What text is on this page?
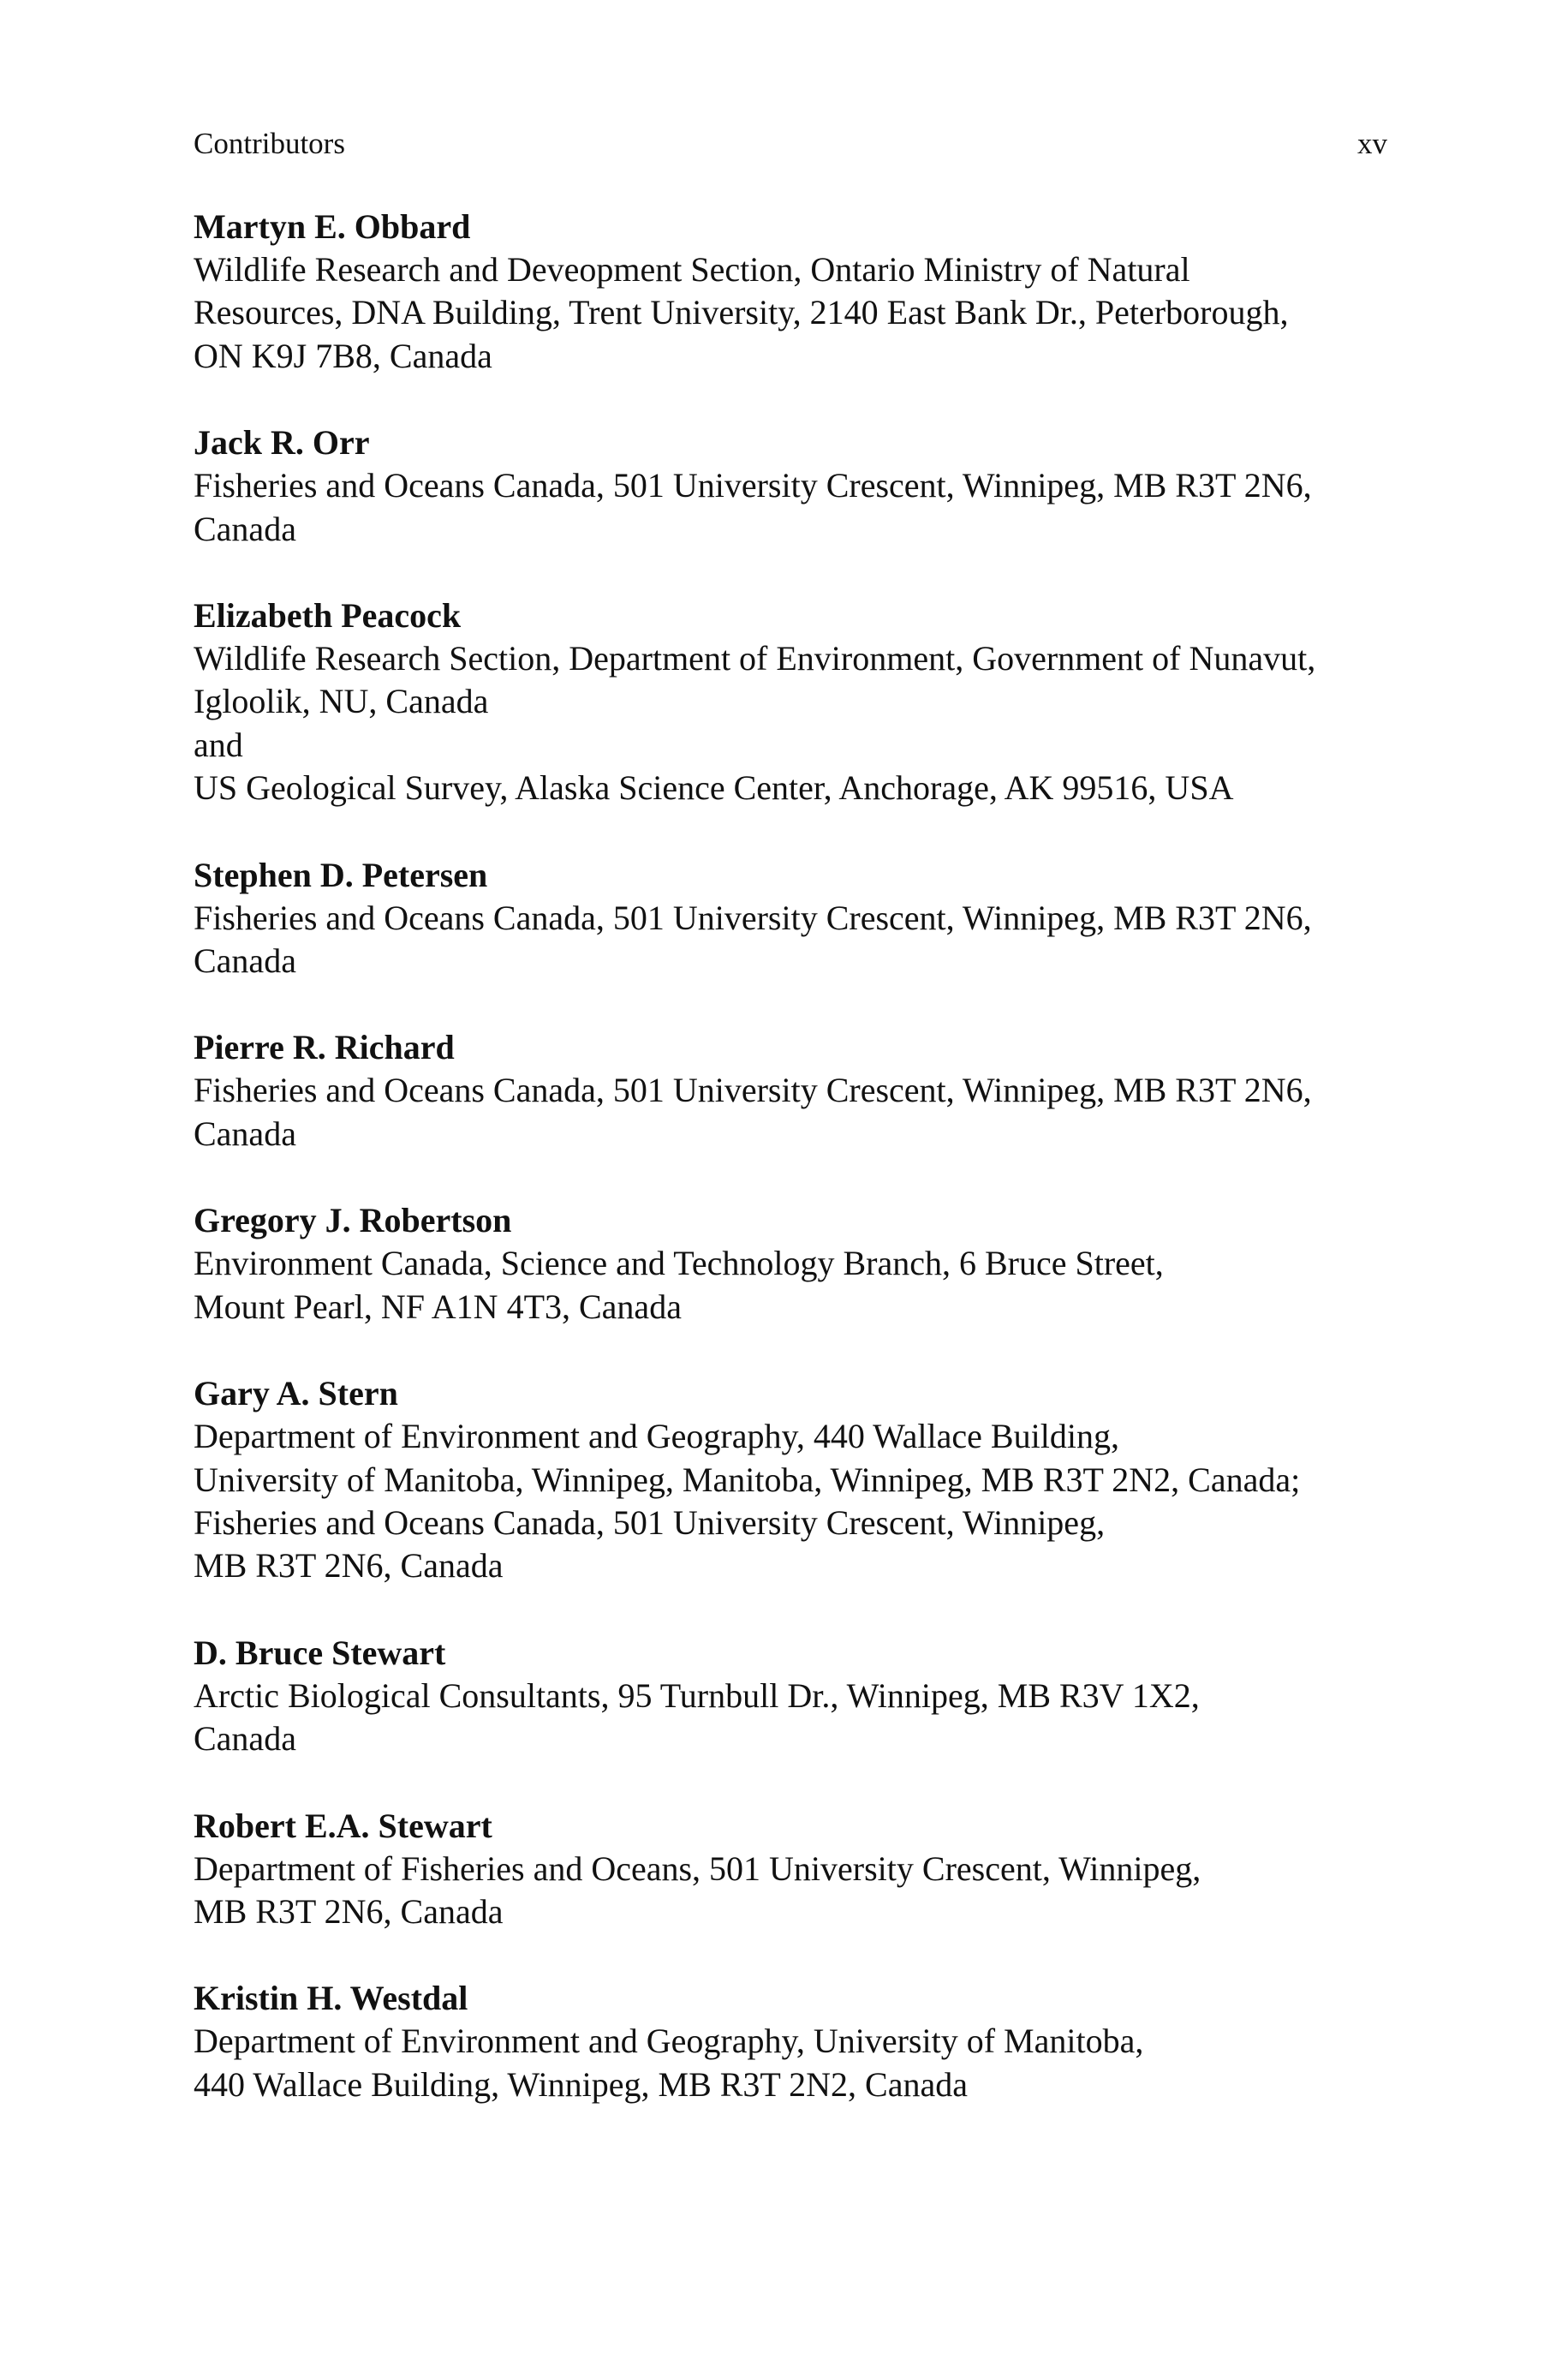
Contributors	xv
Martyn E. Obbard
Wildlife Research and Deveopment Section, Ontario Ministry of Natural
Resources, DNA Building, Trent University, 2140 East Bank Dr., Peterborough,
ON K9J 7B8, Canada
Jack R. Orr
Fisheries and Oceans Canada, 501 University Crescent, Winnipeg, MB R3T 2N6,
Canada
Elizabeth Peacock
Wildlife Research Section, Department of Environment, Government of Nunavut,
Igloolik, NU, Canada
and
US Geological Survey, Alaska Science Center, Anchorage, AK 99516, USA
Stephen D. Petersen
Fisheries and Oceans Canada, 501 University Crescent, Winnipeg, MB R3T 2N6,
Canada
Pierre R. Richard
Fisheries and Oceans Canada, 501 University Crescent, Winnipeg, MB R3T 2N6,
Canada
Gregory J. Robertson
Environment Canada, Science and Technology Branch, 6 Bruce Street,
Mount Pearl, NF A1N 4T3, Canada
Gary A. Stern
Department of Environment and Geography, 440 Wallace Building,
University of Manitoba, Winnipeg, Manitoba, Winnipeg, MB R3T 2N2, Canada;
Fisheries and Oceans Canada, 501 University Crescent, Winnipeg,
MB R3T 2N6, Canada
D. Bruce Stewart
Arctic Biological Consultants, 95 Turnbull Dr., Winnipeg, MB R3V 1X2,
Canada
Robert E.A. Stewart
Department of Fisheries and Oceans, 501 University Crescent, Winnipeg,
MB R3T 2N6, Canada
Kristin H. Westdal
Department of Environment and Geography, University of Manitoba,
440 Wallace Building, Winnipeg, MB R3T 2N2, Canada
